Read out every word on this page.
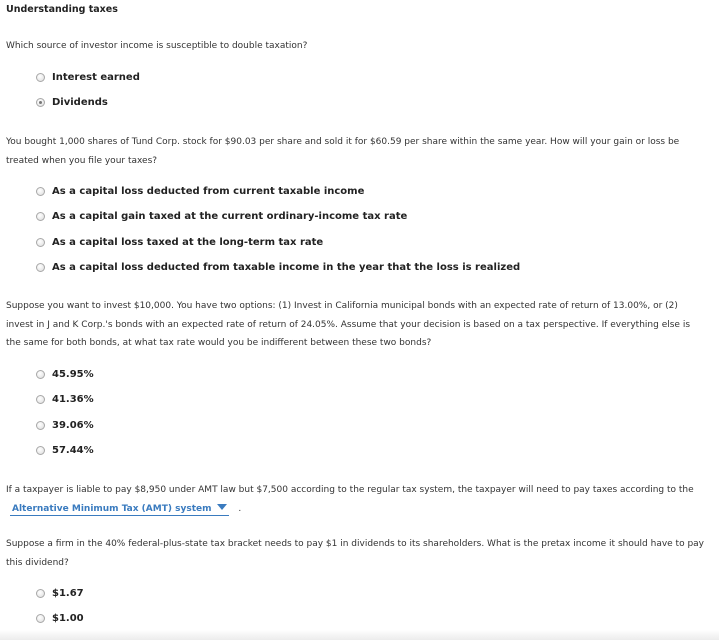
Understanding taxes
Which source of investor income is susceptible to double taxation?
Interest earned
Dividends
You bought 1,000 shares of Tund Corp. stock for $90.03 per share and sold it for $60.59 per share within the same year. How will your gain or loss be treated when you file your taxes?
As a capital loss deducted from current taxable income
As a capital gain taxed at the current ordinary-income tax rate
As a capital loss taxed at the long-term tax rate
As a capital loss deducted from taxable income in the year that the loss is realized
Suppose you want to invest $10,000. You have two options: (1) Invest in California municipal bonds with an expected rate of return of 13.00%, or (2) invest in J and K Corp.'s bonds with an expected rate of return of 24.05%. Assume that your decision is based on a tax perspective. If everything else is the same for both bonds, at what tax rate would you be indifferent between these two bonds?
45.95%
41.36%
39.06%
57.44%
If a taxpayer is liable to pay $8,950 under AMT law but $7,500 according to the regular tax system, the taxpayer will need to pay taxes according to the Alternative Minimum Tax (AMT) system	.
Suppose a firm in the 40% federal-plus-state tax bracket needs to pay $1 in dividends to its shareholders. What is the pretax income it should have to pay this dividend?
$1.67
$1.00
